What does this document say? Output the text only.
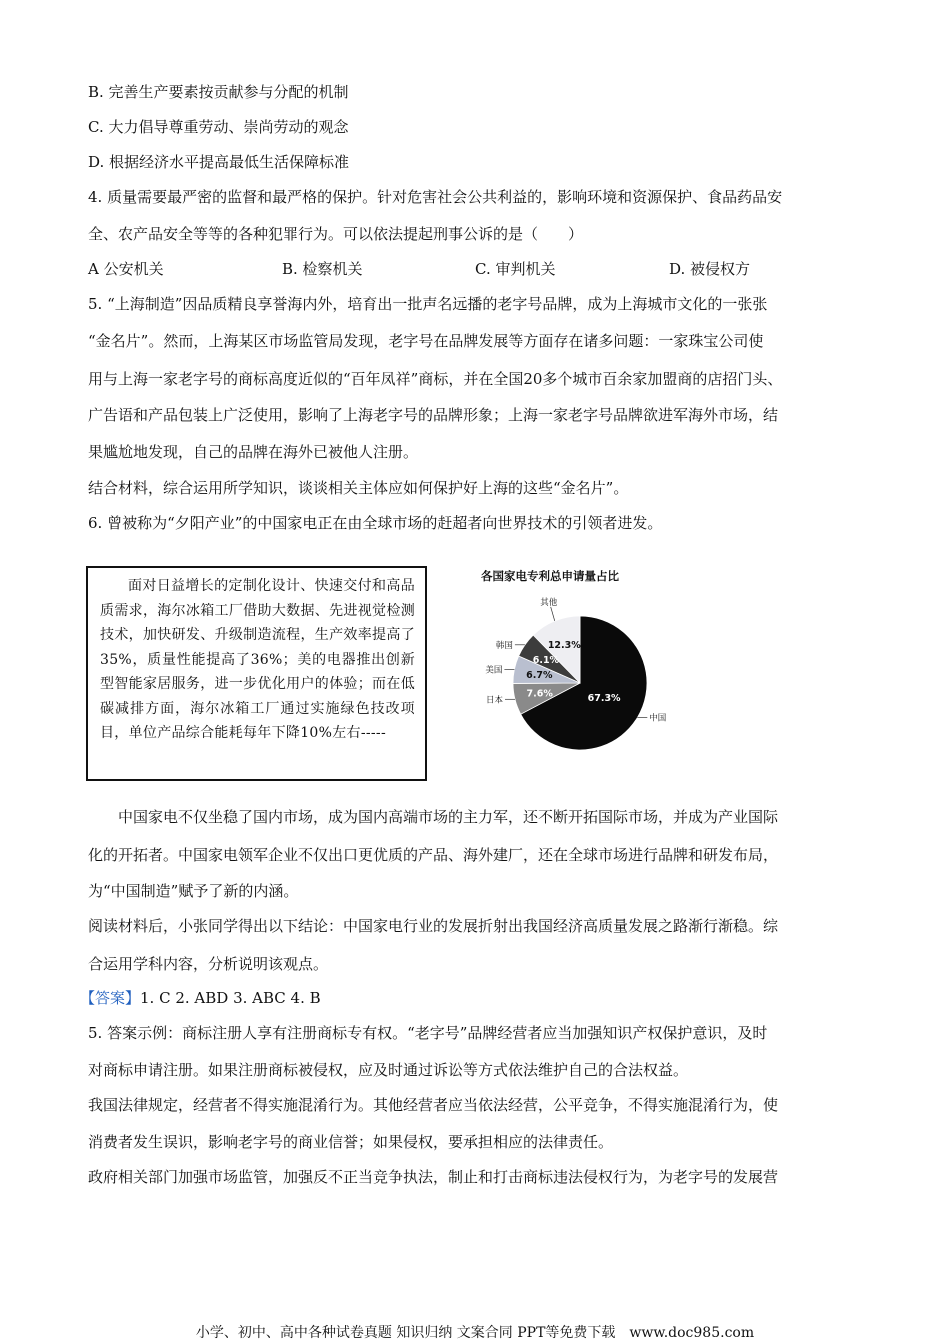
B. 完善生产要素按贡献参与分配的机制
C. 大力倡导尊重劳动、崇尚劳动的观念
D. 根据经济水平提高最低生活保障标准
4. 质量需要最严密的监督和最严格的保护。针对危害社会公共利益的，影响环境和资源保护、食品药品安
全、农产品安全等等的各种犯罪行为。可以依法提起刑事公诉的是（　　）
A 公安机关	B. 检察机关	C. 审判机关	D. 被侵权方
5. “上海制造”因品质精良享誉海内外，培育出一批声名远播的老字号品牌，成为上海城市文化的一张张
“金名片”。然而，上海某区市场监管局发现，老字号在品牌发展等方面存在诸多问题：一家珠宝公司使
用与上海一家老字号的商标高度近似的“百年凤祥”商标，并在全国20多个城市百余家加盟商的店招门头、
广告语和产品包装上广泛使用，影响了上海老字号的品牌形象；上海一家老字号品牌欲进军海外市场，结
果尴尬地发现，自己的品牌在海外已被他人注册。
结合材料，综合运用所学知识，谈谈相关主体应如何保护好上海的这些“金名片”。
6. 曾被称为“夕阳产业”的中国家电正在由全球市场的赶超者向世界技术的引领者进发。

面对日益增长的定制化设计、快速交付和高品质需求，海尔冰箱工厂借助大数据、先进视觉检测技术，加快研发、升级制造流程，生产效率提高了35%，质量性能提高了36%；美的电器推出创新型智能家居服务，进一步优化用户的体验；而在低碳减排方面，海尔冰箱工厂通过实施绿色技改项目，单位产品综合能耗每年下降10%左右-----

各国家电专利总申请量占比
67.3%
中国
7.6%
日本
6.7%
美国
6.1%
韩国	12.3%
其他
中国家电不仅坐稳了国内市场，成为国内高端市场的主力军，还不断开拓国际市场，并成为产业国际
化的开拓者。中国家电领军企业不仅出口更优质的产品、海外建厂，还在全球市场进行品牌和研发布局，
为“中国制造”赋予了新的内涵。
阅读材料后，小张同学得出以下结论：中国家电行业的发展折射出我国经济高质量发展之路渐行渐稳。综
合运用学科内容，分析说明该观点。
【答案】1. C 2. ABD 3. ABC 4. B
5. 答案示例：商标注册人享有注册商标专有权。“老字号”品牌经营者应当加强知识产权保护意识，及时
对商标申请注册。如果注册商标被侵权，应及时通过诉讼等方式依法维护自己的合法权益。
我国法律规定，经营者不得实施混淆行为。其他经营者应当依法经营，公平竞争，不得实施混淆行为，使
消费者发生误识，影响老字号的商业信誉；如果侵权，要承担相应的法律责任。
政府相关部门加强市场监管，加强反不正当竞争执法，制止和打击商标违法侵权行为，为老字号的发展营
小学、初中、高中各种试卷真题 知识归纳 文案合同 PPT等免费下载 www.doc985.com
